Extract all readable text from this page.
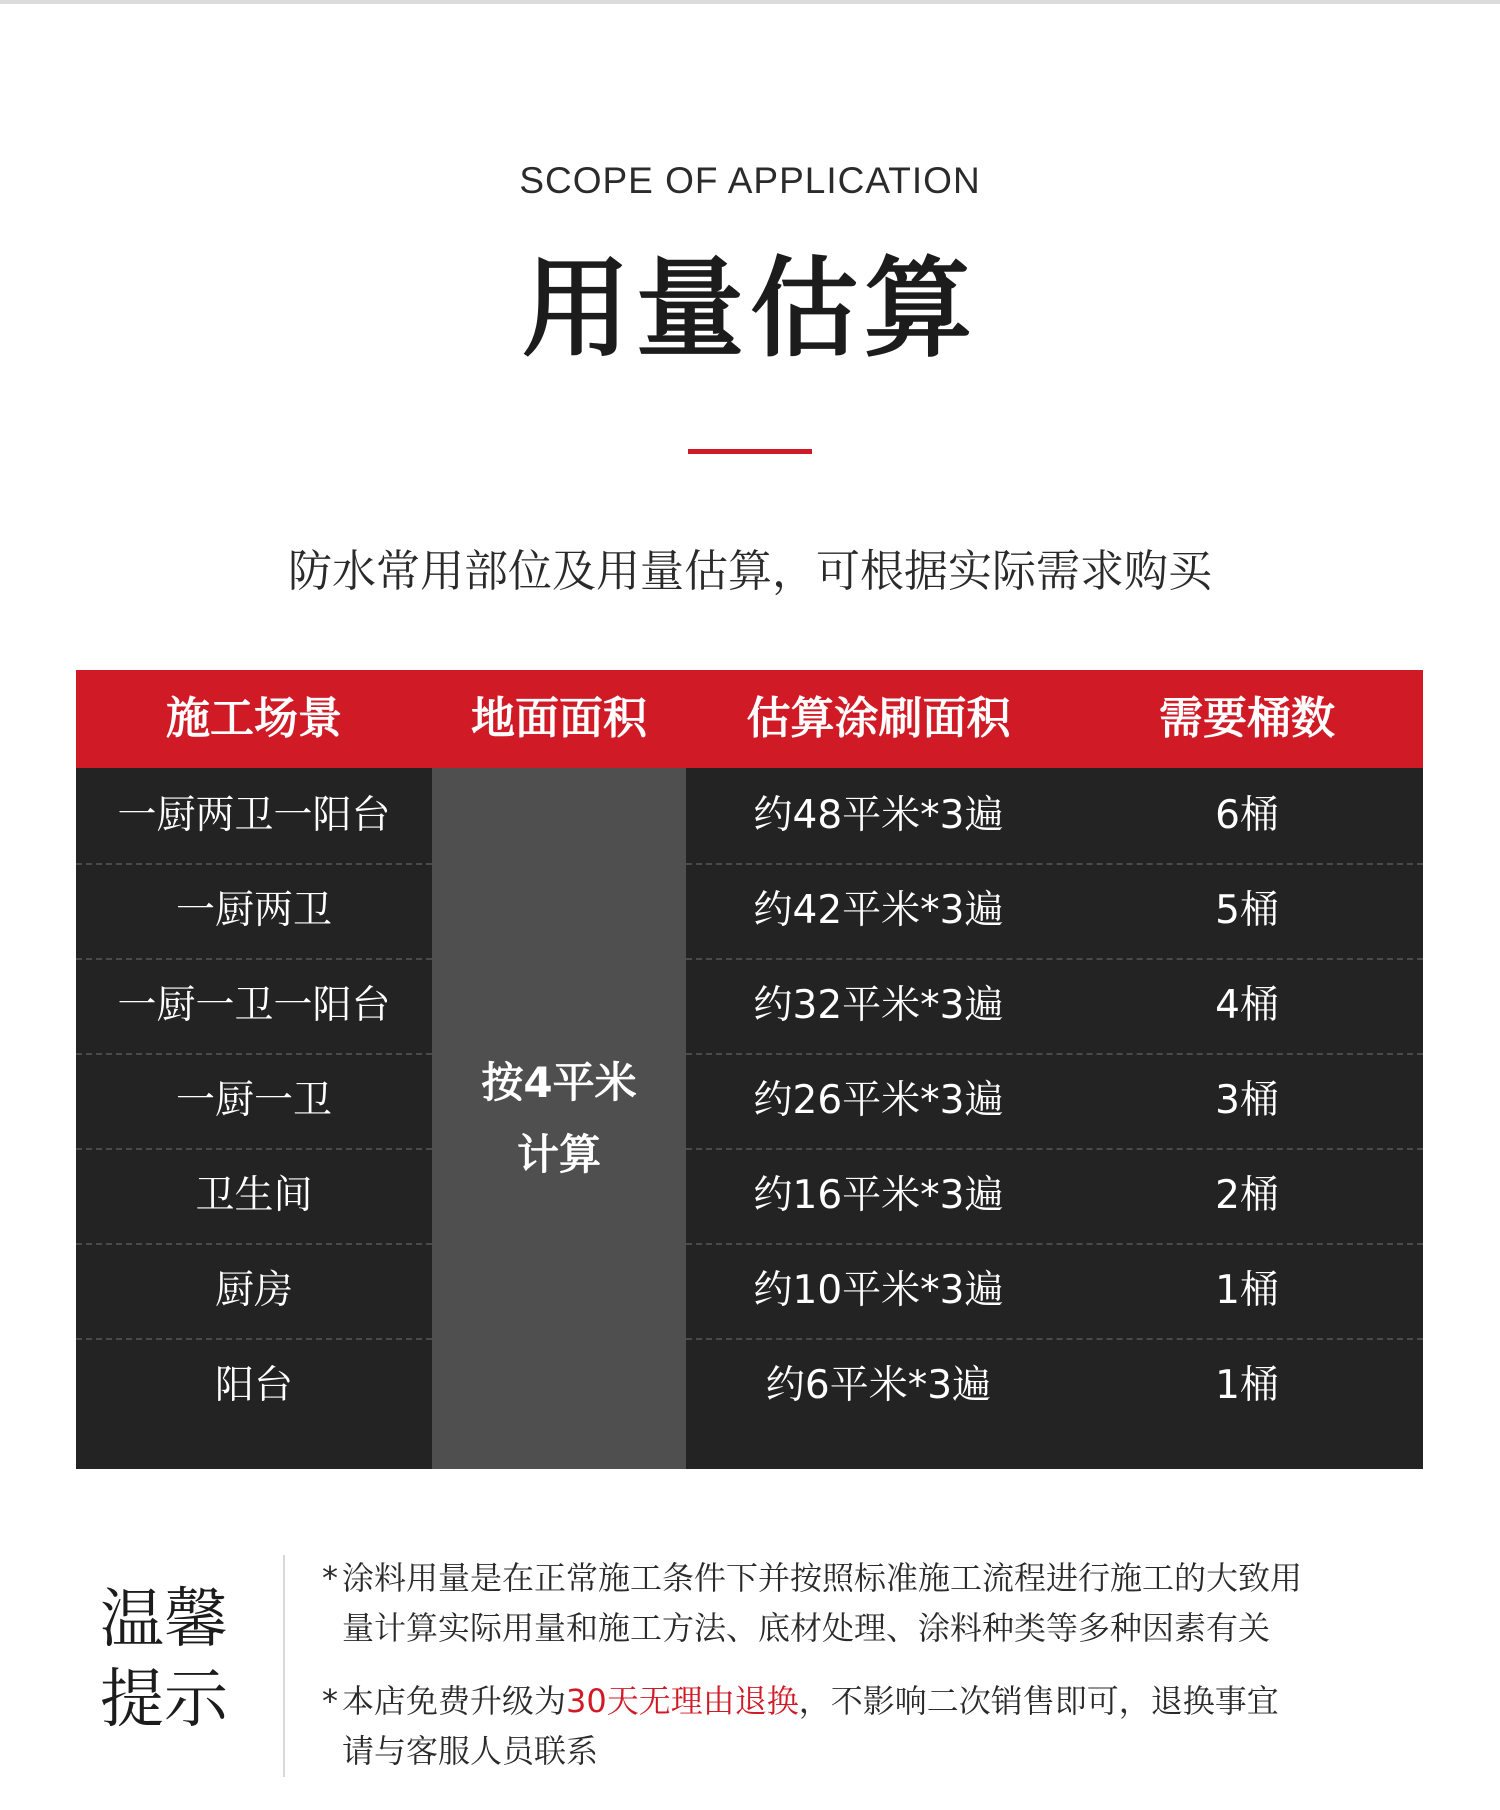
SCOPE OF APPLICATION
用量估算
防水常用部位及用量估算，可根据实际需求购买
施工场景	地面面积	估算涂刷面积	需要桶数
按4平米
计算
一厨两卫一阳台	约48平米*3遍	6桶
一厨两卫	约42平米*3遍	5桶
一厨一卫一阳台	约32平米*3遍	4桶
一厨一卫	约26平米*3遍	3桶
卫生间	约16平米*3遍	2桶
厨房	约10平米*3遍	1桶
阳台	约6平米*3遍	1桶
温馨
提示
* 涂料用量是在正常施工条件下并按照标准施工流程进行施工的大致用
量计算实际用量和施工方法、底材处理、涂料种类等多种因素有关
* 本店免费升级为30天无理由退换，不影响二次销售即可，退换事宜
请与客服人员联系
